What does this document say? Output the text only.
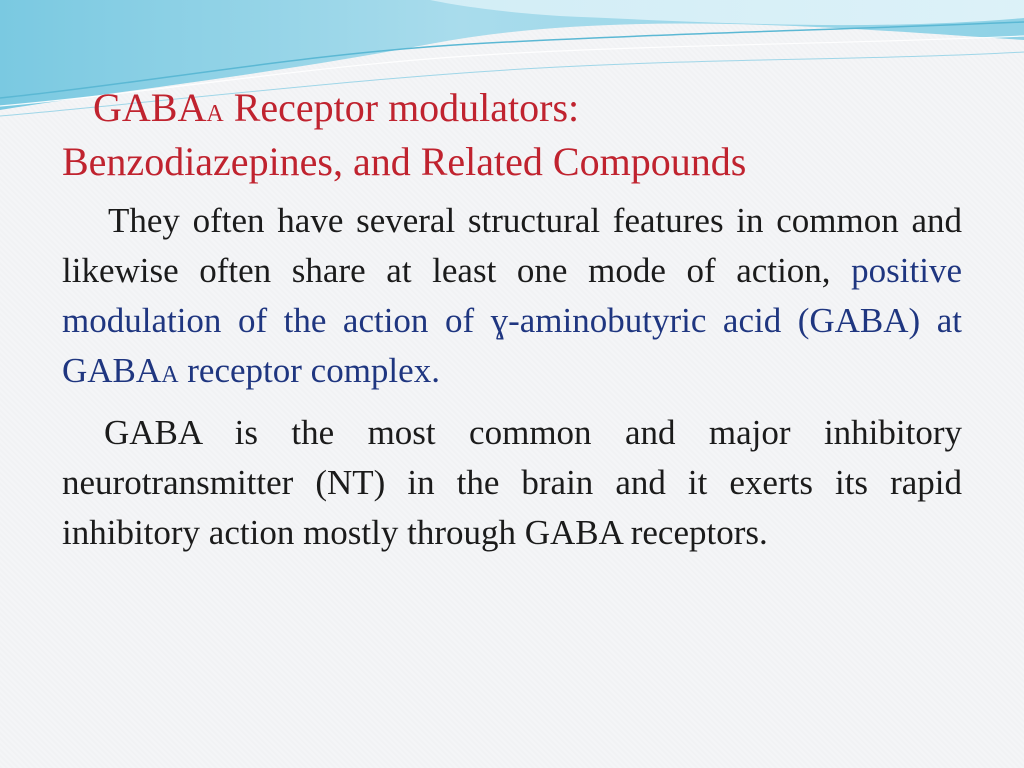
GABAA Receptor modulators:
Benzodiazepines, and Related Compounds

They often have several structural features in common and likewise often share at least one mode of action, positive modulation of the action of ɣ-aminobutyric acid (GABA) at GABAA receptor complex.

GABA is the most common and major inhibitory neurotransmitter (NT) in the brain and it exerts its rapid inhibitory action mostly through GABA receptors.
